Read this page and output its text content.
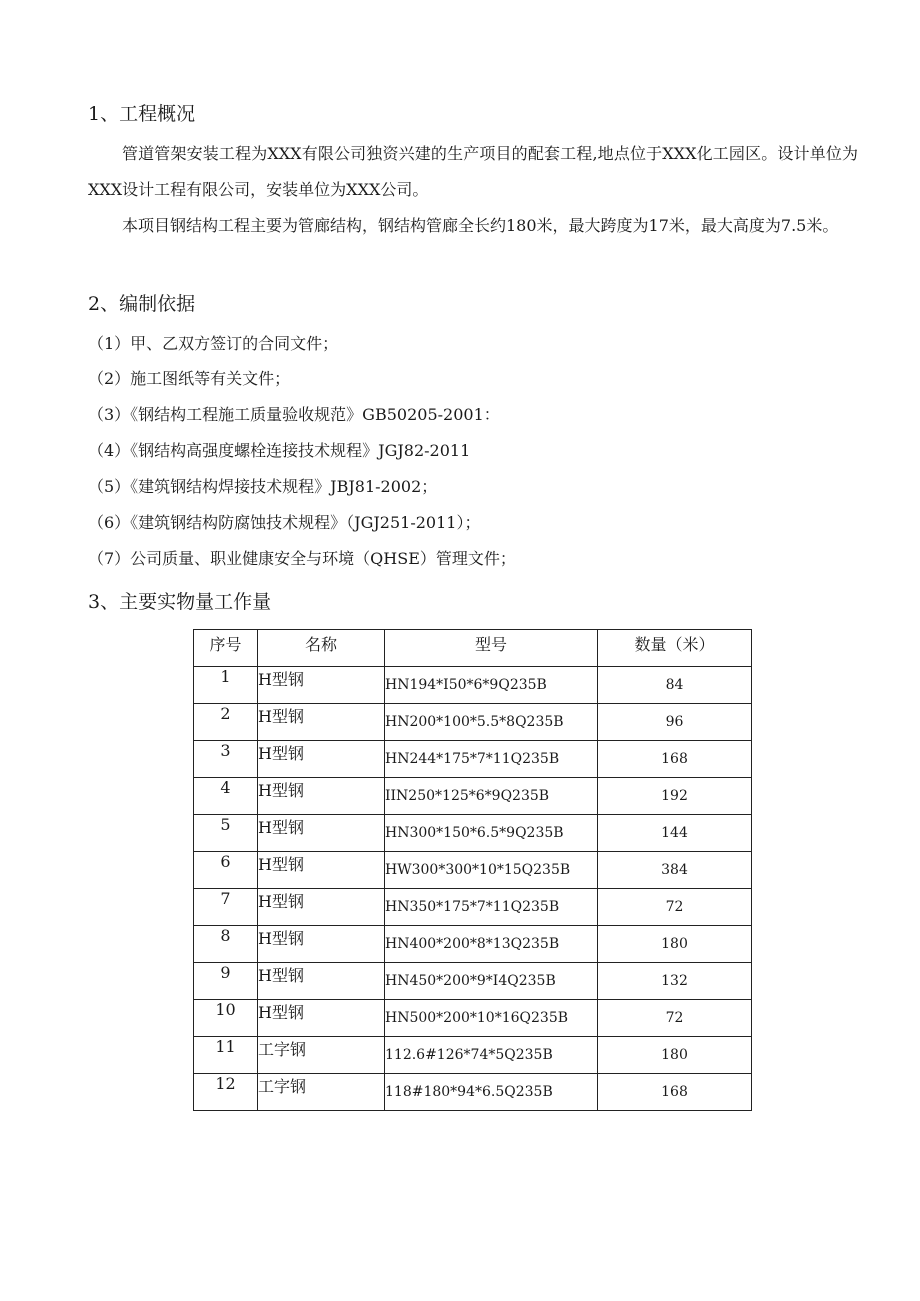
1、工程概况
管道管架安装工程为XXX有限公司独资兴建的生产项目的配套工程,地点位于XXX化工园区。设计单位为XXX设计工程有限公司，安装单位为XXX公司。
本项目钢结构工程主要为管廊结构，钢结构管廊全长约180米，最大跨度为17米，最大高度为7.5米。
2、编制依据
（1）甲、乙双方签订的合同文件；
（2）施工图纸等有关文件；
（3）《钢结构工程施工质量验收规范》GB50205-2001：
（4）《钢结构高强度螺栓连接技术规程》JGJ82-2011
（5）《建筑钢结构焊接技术规程》JBJ81-2002；
（6）《建筑钢结构防腐蚀技术规程》（JGJ251-2011）；
（7）公司质量、职业健康安全与环境（QHSE）管理文件；
3、主要实物量工作量
序号	名称	型号	数量（米）
1	H型钢	HN194*I50*6*9Q235B	84
2	H型钢	HN200*100*5.5*8Q235B	96
3	H型钢	HN244*175*7*11Q235B	168
4	H型钢	IIN250*125*6*9Q235B	192
5	H型钢	HN300*150*6.5*9Q235B	144
6	H型钢	HW300*300*10*15Q235B	384
7	H型钢	HN350*175*7*11Q235B	72
8	H型钢	HN400*200*8*13Q235B	180
9	H型钢	HN450*200*9*I4Q235B	132
10	H型钢	HN500*200*10*16Q235B	72
11	工字钢	112.6#126*74*5Q235B	180
12	工字钢	118#180*94*6.5Q235B	168
